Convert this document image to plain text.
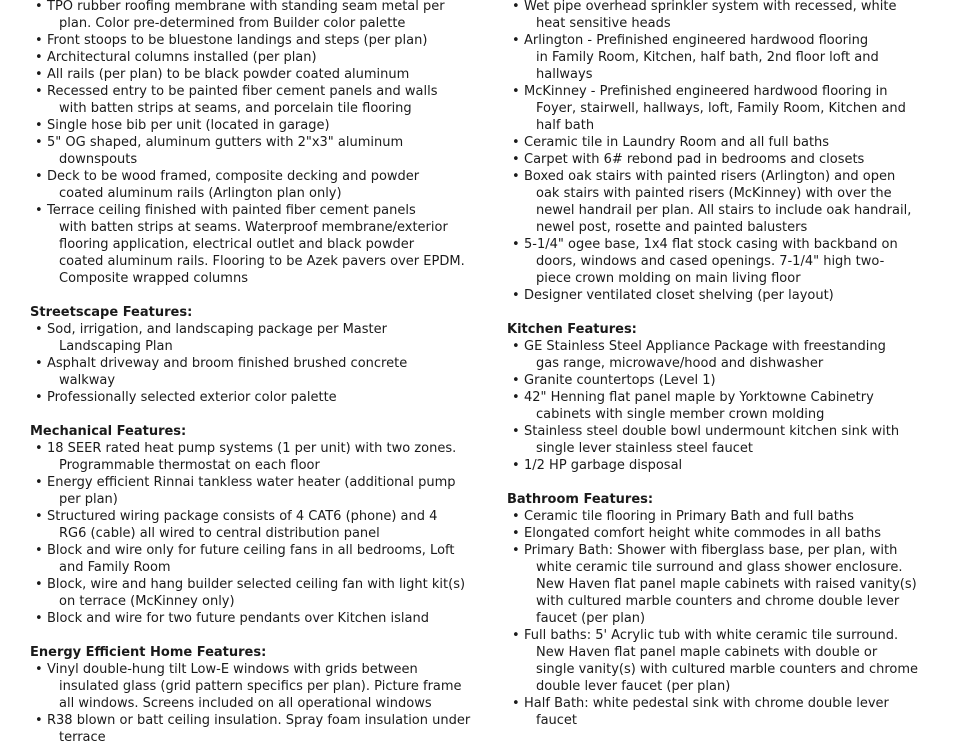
• TPO rubber roofing membrane with standing seam metal per
plan. Color pre-determined from Builder color palette
• Front stoops to be bluestone landings and steps (per plan)
• Architectural columns installed (per plan)
• All rails (per plan) to be black powder coated aluminum
• Recessed entry to be painted fiber cement panels and walls
with batten strips at seams, and porcelain tile flooring
• Single hose bib per unit (located in garage)
• 5" OG shaped, aluminum gutters with 2"x3" aluminum
downspouts
• Deck to be wood framed, composite decking and powder
coated aluminum rails (Arlington plan only)
• Terrace ceiling finished with painted fiber cement panels
with batten strips at seams. Waterproof membrane/exterior
flooring application, electrical outlet and black powder
coated aluminum rails. Flooring to be Azek pavers over EPDM.
Composite wrapped columns
Streetscape Features:
• Sod, irrigation, and landscaping package per Master
Landscaping Plan
• Asphalt driveway and broom finished brushed concrete
walkway
• Professionally selected exterior color palette
Mechanical Features:
• 18 SEER rated heat pump systems (1 per unit) with two zones.
Programmable thermostat on each floor
• Energy efficient Rinnai tankless water heater (additional pump
per plan)
• Structured wiring package consists of 4 CAT6 (phone) and 4
RG6 (cable) all wired to central distribution panel
• Block and wire only for future ceiling fans in all bedrooms, Loft
and Family Room
• Block, wire and hang builder selected ceiling fan with light kit(s)
on terrace (McKinney only)
• Block and wire for two future pendants over Kitchen island
Energy Efficient Home Features:
• Vinyl double-hung tilt Low-E windows with grids between
insulated glass (grid pattern specifics per plan). Picture frame
all windows. Screens included on all operational windows
• R38 blown or batt ceiling insulation. Spray foam insulation under
terrace
• Wet pipe overhead sprinkler system with recessed, white
heat sensitive heads
• Arlington - Prefinished engineered hardwood flooring
in Family Room, Kitchen, half bath, 2nd floor loft and
hallways
• McKinney - Prefinished engineered hardwood flooring in
Foyer, stairwell, hallways, loft, Family Room, Kitchen and
half bath
• Ceramic tile in Laundry Room and all full baths
• Carpet with 6# rebond pad in bedrooms and closets
• Boxed oak stairs with painted risers (Arlington) and open
oak stairs with painted risers (McKinney) with over the
newel handrail per plan. All stairs to include oak handrail,
newel post, rosette and painted balusters
• 5-1/4" ogee base, 1x4 flat stock casing with backband on
doors, windows and cased openings. 7-1/4" high two-
piece crown molding on main living floor
• Designer ventilated closet shelving (per layout)
Kitchen Features:
• GE Stainless Steel Appliance Package with freestanding
gas range, microwave/hood and dishwasher
• Granite countertops (Level 1)
• 42" Henning flat panel maple by Yorktowne Cabinetry
cabinets with single member crown molding
• Stainless steel double bowl undermount kitchen sink with
single lever stainless steel faucet
• 1/2 HP garbage disposal
Bathroom Features:
• Ceramic tile flooring in Primary Bath and full baths
• Elongated comfort height white commodes in all baths
• Primary Bath: Shower with fiberglass base, per plan, with
white ceramic tile surround and glass shower enclosure.
New Haven flat panel maple cabinets with raised vanity(s)
with cultured marble counters and chrome double lever
faucet (per plan)
• Full baths: 5' Acrylic tub with white ceramic tile surround.
New Haven flat panel maple cabinets with double or
single vanity(s) with cultured marble counters and chrome
double lever faucet (per plan)
• Half Bath: white pedestal sink with chrome double lever
faucet
